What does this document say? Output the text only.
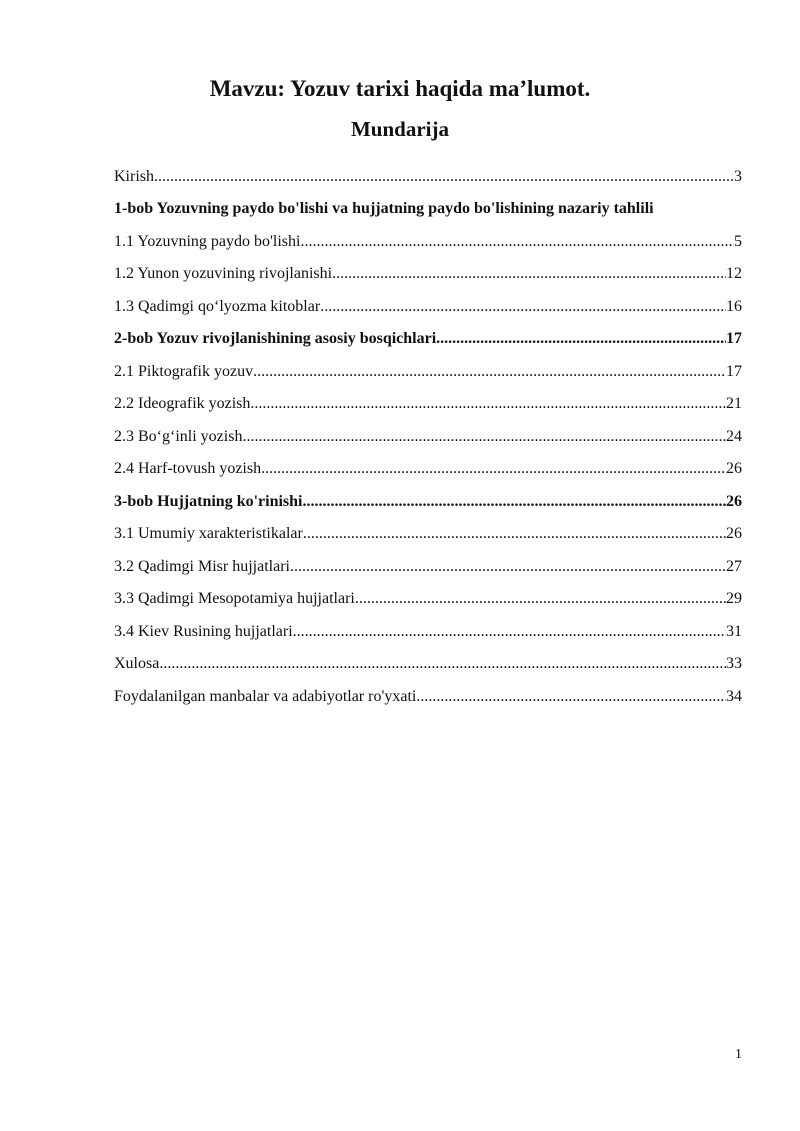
Mavzu: Yozuv tarixi haqida ma’lumot.
Mundarija
Kirish .....	3
1-bob Yozuvning paydo bo'lishi va hujjatning paydo bo'lishining nazariy tahlili
1.1 Yozuvning paydo bo'lishi .....	5
1.2 Yunon yozuvining rivojlanishi .....	12
1.3 Qadimgi qo‘lyozma kitoblar .....	16
2-bob Yozuv rivojlanishining asosiy bosqichlari .....	17
2.1 Piktografik yozuv .....	17
2.2 Ideografik yozish .....	21
2.3 Bo‘g‘inli yozish .....	24
2.4 Harf-tovush yozish .....	26
3-bob Hujjatning ko'rinishi .....	26
3.1 Umumiy xarakteristikalar .....	26
3.2 Qadimgi Misr hujjatlari .....	27
3.3 Qadimgi Mesopotamiya hujjatlari .....	29
3.4 Kiev Rusining hujjatlari .....	31
Xulosa .....	33
Foydalanilgan manbalar va adabiyotlar ro'yxati .....	34
1
